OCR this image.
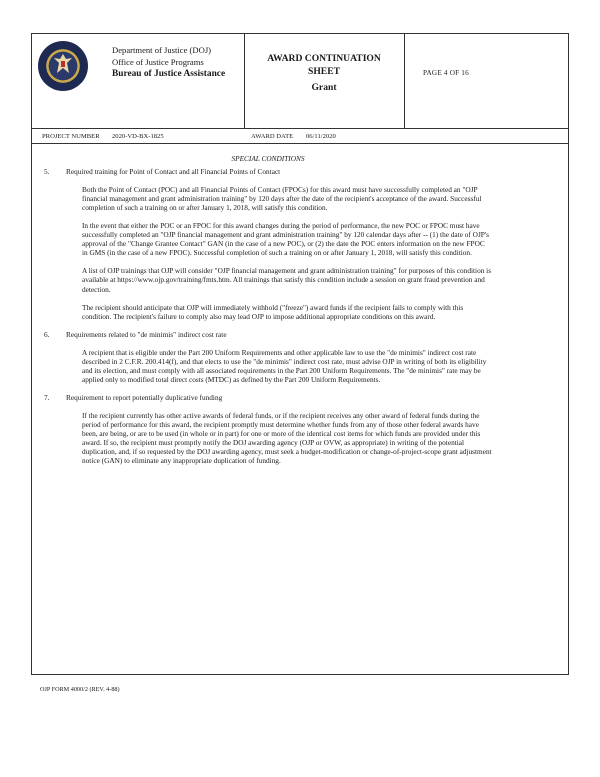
Department of Justice (DOJ)
Office of Justice Programs
Bureau of Justice Assistance
AWARD CONTINUATION
SHEET
Grant
PAGE 4 OF 16
PROJECT NUMBER 2020-VD-BX-1825	AWARD DATE 06/11/2020
SPECIAL CONDITIONS
5. Required training for Point of Contact and all Financial Points of Contact

Both the Point of Contact (POC) and all Financial Points of Contact (FPOCs) for this award must have successfully completed an "OJP financial management and grant administration training" by 120 days after the date of the recipient's acceptance of the award. Successful completion of such a training on or after January 1, 2018, will satisfy this condition.

In the event that either the POC or an FPOC for this award changes during the period of performance, the new POC or FPOC must have successfully completed an "OJP financial management and grant administration training" by 120 calendar days after -- (1) the date of OJP's approval of the "Change Grantee Contact" GAN (in the case of a new POC), or (2) the date the POC enters information on the new FPOC in GMS (in the case of a new FPOC). Successful completion of such a training on or after January 1, 2018, will satisfy this condition.

A list of OJP trainings that OJP will consider "OJP financial management and grant administration training" for purposes of this condition is available at https://www.ojp.gov/training/fmts.htm. All trainings that satisfy this condition include a session on grant fraud prevention and detection.

The recipient should anticipate that OJP will immediately withhold ("freeze") award funds if the recipient fails to comply with this condition. The recipient's failure to comply also may lead OJP to impose additional appropriate conditions on this award.

6. Requirements related to "de minimis" indirect cost rate

A recipient that is eligible under the Part 200 Uniform Requirements and other applicable law to use the "de minimis" indirect cost rate described in 2 C.F.R. 200.414(f), and that elects to use the "de minimis" indirect cost rate, must advise OJP in writing of both its eligibility and its election, and must comply with all associated requirements in the Part 200 Uniform Requirements. The "de minimis" rate may be applied only to modified total direct costs (MTDC) as defined by the Part 200 Uniform Requirements.

7. Requirement to report potentially duplicative funding

If the recipient currently has other active awards of federal funds, or if the recipient receives any other award of federal funds during the period of performance for this award, the recipient promptly must determine whether funds from any of those other federal awards have been, are being, or are to be used (in whole or in part) for one or more of the identical cost items for which funds are provided under this award. If so, the recipient must promptly notify the DOJ awarding agency (OJP or OVW, as appropriate) in writing of the potential duplication, and, if so requested by the DOJ awarding agency, must seek a budget-modification or change-of-project-scope grant adjustment notice (GAN) to eliminate any inappropriate duplication of funding.

OJP FORM 4000/2 (REV. 4-88)
